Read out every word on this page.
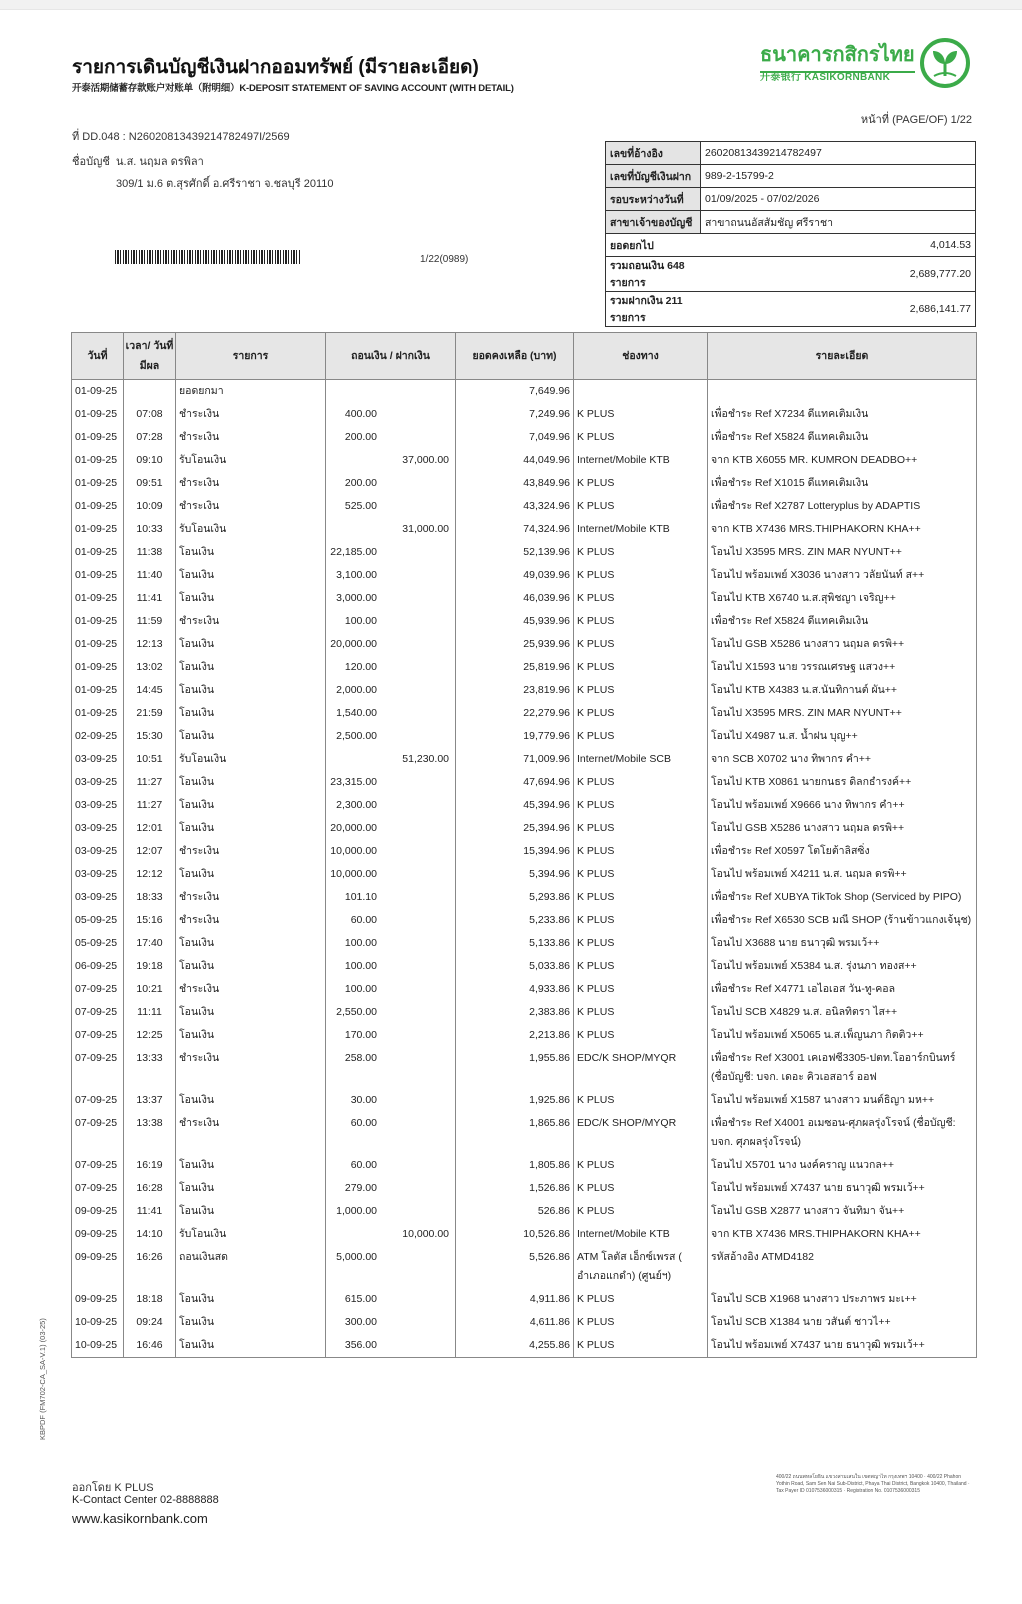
รายการเดินบัญชีเงินฝากออมทรัพย์ (มีรายละเอียด)
开泰活期储蓄存款账户对账单（附明细）K-DEPOSIT STATEMENT OF SAVING ACCOUNT (WITH DETAIL)
ธนาคารกสิกรไทย
开泰银行 KASIKORNBANK
หน้าที่ (PAGE/OF) 1/22
ที่ DD.048 : N2602081343921478249​7I/2569
ชื่อบัญชี น.ส. นฤมล ดรพิลา
309/1 ม.6 ต.สุรศักดิ์ อ.ศรีราชา จ.ชลบุรี 20110
1/22(0989)
เลขที่อ้างอิง	260208134392147824​97
เลขที่บัญชีเงินฝาก	989-2-15799-2
รอบระหว่างวันที่	01/09/2025 - 07/02/2026
สาขาเจ้าของบัญชี	สาขาถนนอัสสัมชัญ ศรีราชา
ยอดยกไป	4,014.53
รวมถอนเงิน 648 รายการ	2,689,777.20
รวมฝากเงิน 211 รายการ	2,686,141.77
วันที่	เวลา/ วันที่มีผล	รายการ	ถอนเงิน / ฝากเงิน	ยอดคงเหลือ (บาท)	ช่องทาง	รายละเอียด
01-09-25		ยอดยกมา		7,649.96		
01-09-25	07:08	ชำระเงิน	400.00	7,249.96	K PLUS	เพื่อชำระ Ref X7234 ดีแทคเติมเงิน
01-09-25	07:28	ชำระเงิน	200.00	7,049.96	K PLUS	เพื่อชำระ Ref X5824 ดีแทคเติมเงิน
01-09-25	09:10	รับโอนเงิน	37,000.00	44,049.96	Internet/Mobile KTB	จาก KTB X6055 MR. KUMRON DEADBO++
01-09-25	09:51	ชำระเงิน	200.00	43,849.96	K PLUS	เพื่อชำระ Ref X1015 ดีแทคเติมเงิน
01-09-25	10:09	ชำระเงิน	525.00	43,324.96	K PLUS	เพื่อชำระ Ref X2787 Lotteryplus by ADAPTIS
01-09-25	10:33	รับโอนเงิน	31,000.00	74,324.96	Internet/Mobile KTB	จาก KTB X7436 MRS.THIPHAKORN KHA++
01-09-25	11:38	โอนเงิน	22,185.00	52,139.96	K PLUS	โอนไป X3595 MRS. ZIN MAR NYUNT++
01-09-25	11:40	โอนเงิน	3,100.00	49,039.96	K PLUS	โอนไป พร้อมเพย์ X3036 นางสาว วลัยนันท์ ส++
01-09-25	11:41	โอนเงิน	3,000.00	46,039.96	K PLUS	โอนไป KTB X6740 น.ส.สุพิชญา เจริญ++
01-09-25	11:59	ชำระเงิน	100.00	45,939.96	K PLUS	เพื่อชำระ Ref X5824 ดีแทคเติมเงิน
01-09-25	12:13	โอนเงิน	20,000.00	25,939.96	K PLUS	โอนไป GSB X5286 นางสาว นฤมล ดรพิ++
01-09-25	13:02	โอนเงิน	120.00	25,819.96	K PLUS	โอนไป X1593 นาย วรรณเศรษฐ แสวง++
01-09-25	14:45	โอนเงิน	2,000.00	23,819.96	K PLUS	โอนไป KTB X4383 น.ส.นันทิกานต์ ผัน++
01-09-25	21:59	โอนเงิน	1,540.00	22,279.96	K PLUS	โอนไป X3595 MRS. ZIN MAR NYUNT++
02-09-25	15:30	โอนเงิน	2,500.00	19,779.96	K PLUS	โอนไป X4987 น.ส. น้ำฝน บุญ++
03-09-25	10:51	รับโอนเงิน	51,230.00	71,009.96	Internet/Mobile SCB	จาก SCB X0702 นาง ทิพากร คำ++
03-09-25	11:27	โอนเงิน	23,315.00	47,694.96	K PLUS	โอนไป KTB X0861 นายกนธร ดิลกธำรงค์++
03-09-25	11:27	โอนเงิน	2,300.00	45,394.96	K PLUS	โอนไป พร้อมเพย์ X9666 นาง ทิพากร คำ++
03-09-25	12:01	โอนเงิน	20,000.00	25,394.96	K PLUS	โอนไป GSB X5286 นางสาว นฤมล ดรพิ++
03-09-25	12:07	ชำระเงิน	10,000.00	15,394.96	K PLUS	เพื่อชำระ Ref X0597 โตโยต้าลิสซิ่ง
03-09-25	12:12	โอนเงิน	10,000.00	5,394.96	K PLUS	โอนไป พร้อมเพย์ X4211 น.ส. นฤมล ดรพิ++
03-09-25	18:33	ชำระเงิน	101.10	5,293.86	K PLUS	เพื่อชำระ Ref XUBYA TikTok Shop (Serviced by PIPO)
05-09-25	15:16	ชำระเงิน	60.00	5,233.86	K PLUS	เพื่อชำระ Ref X6530 SCB มณี SHOP (ร้านข้าวแกงเจ้นุช)
05-09-25	17:40	โอนเงิน	100.00	5,133.86	K PLUS	โอนไป X3688 นาย ธนาวุฒิ พรมเว้++
06-09-25	19:18	โอนเงิน	100.00	5,033.86	K PLUS	โอนไป พร้อมเพย์ X5384 น.ส. รุ่งนภา ทองส++
07-09-25	10:21	ชำระเงิน	100.00	4,933.86	K PLUS	เพื่อชำระ Ref X4771 เอไอเอส วัน-ทู-คอล
07-09-25	11:11	โอนเงิน	2,550.00	2,383.86	K PLUS	โอนไป SCB X4829 น.ส. อนิลทิตรา ไส++
07-09-25	12:25	โอนเงิน	170.00	2,213.86	K PLUS	โอนไป พร้อมเพย์ X5065 น.ส.เพ็ญนภา กิตติว++
07-09-25	13:33	ชำระเงิน	258.00	1,955.86	EDC/K SHOP/MYQR	เพื่อชำระ Ref X3001 เคเอฟซี3305-ปตท.โออาร์กบินทร์ (ชื่อบัญชี: บจก. เดอะ คิวเอสอาร์ ออฟ
07-09-25	13:37	โอนเงิน	30.00	1,925.86	K PLUS	โอนไป พร้อมเพย์ X1587 นางสาว มนต์ธิญา มห++
07-09-25	13:38	ชำระเงิน	60.00	1,865.86	EDC/K SHOP/MYQR	เพื่อชำระ Ref X4001 อเมซอน-ศุภผลรุ่งโรจน์ (ชื่อบัญชี: บจก. ศุภผลรุ่งโรจน์)
07-09-25	16:19	โอนเงิน	60.00	1,805.86	K PLUS	โอนไป X5701 นาง นงค์คราญ แนวกล++
07-09-25	16:28	โอนเงิน	279.00	1,526.86	K PLUS	โอนไป พร้อมเพย์ X7437 นาย ธนาวุฒิ พรมเว้++
09-09-25	11:41	โอนเงิน	1,000.00	526.86	K PLUS	โอนไป GSB X2877 นางสาว จันทิมา จัน++
09-09-25	14:10	รับโอนเงิน	10,000.00	10,526.86	Internet/Mobile KTB	จาก KTB X7436 MRS.THIPHAKORN KHA++
09-09-25	16:26	ถอนเงินสด	5,000.00	5,526.86	ATM โลตัส เอ็กซ์เพรส ( อำเภอแกดำ) (ศูนย์ฯ)	รหัสอ้างอิง ATMD4182
09-09-25	18:18	โอนเงิน	615.00	4,911.86	K PLUS	โอนไป SCB X1968 นางสาว ประภาพร มะเ++
10-09-25	09:24	โอนเงิน	300.00	4,611.86	K PLUS	โอนไป SCB X1384 นาย วสันต์ ชาวไ++
10-09-25	16:46	โอนเงิน	356.00	4,255.86	K PLUS	โอนไป พร้อมเพย์ X7437 นาย ธนาวุฒิ พรมเว้++
KBPDF (FM702-CA_SA-V.1) (03-25)
ออกโดย K PLUS
K-Contact Center 02-8888888
www.kasikornbank.com
400/22 ถนนพหลโยธิน แขวงสามเสนใน เขตพญาไท กรุงเทพฯ 10400 · 400/22 Phahon Yothin Road, Sam Sen Nai Sub-District, Phaya Thai District, Bangkok 10400, Thailand · Tax Payer ID 0107536000315 · Registration No. 0107536000315
